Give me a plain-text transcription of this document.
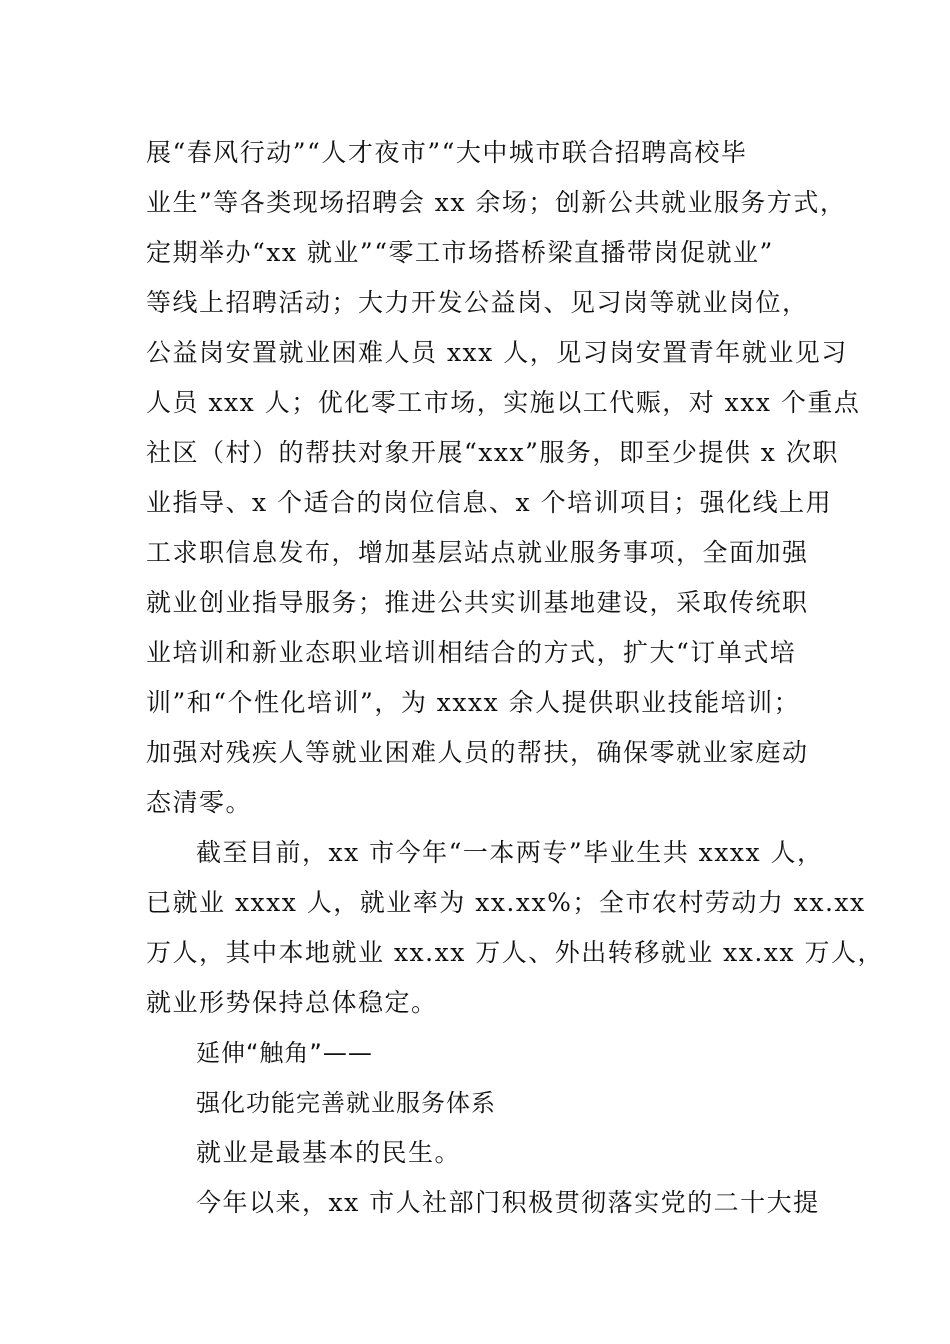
展“春风行动”“人才夜市”“大中城市联合招聘高校毕
业生”等各类现场招聘会 xx 余场；创新公共就业服务方式，
定期举办“xx 就业”“零工市场搭桥梁直播带岗促就业”
等线上招聘活动；大力开发公益岗、见习岗等就业岗位，
公益岗安置就业困难人员 xxx 人，见习岗安置青年就业见习
人员 xxx 人；优化零工市场，实施以工代赈，对 xxx 个重点
社区（村）的帮扶对象开展“xxx”服务，即至少提供 x 次职
业指导、x 个适合的岗位信息、x 个培训项目；强化线上用
工求职信息发布，增加基层站点就业服务事项，全面加强
就业创业指导服务；推进公共实训基地建设，采取传统职
业培训和新业态职业培训相结合的方式，扩大“订单式培
训”和“个性化培训”，为 xxxx 余人提供职业技能培训；
加强对残疾人等就业困难人员的帮扶，确保零就业家庭动
态清零。
截至目前，xx 市今年“一本两专”毕业生共 xxxx 人，
已就业 xxxx 人，就业率为 xx.xx%；全市农村劳动力 xx.xx
万人，其中本地就业 xx.xx 万人、外出转移就业 xx.xx 万人，
就业形势保持总体稳定。
延伸“触角”——
强化功能完善就业服务体系
就业是最基本的民生。
今年以来，xx 市人社部门积极贯彻落实党的二十大提
